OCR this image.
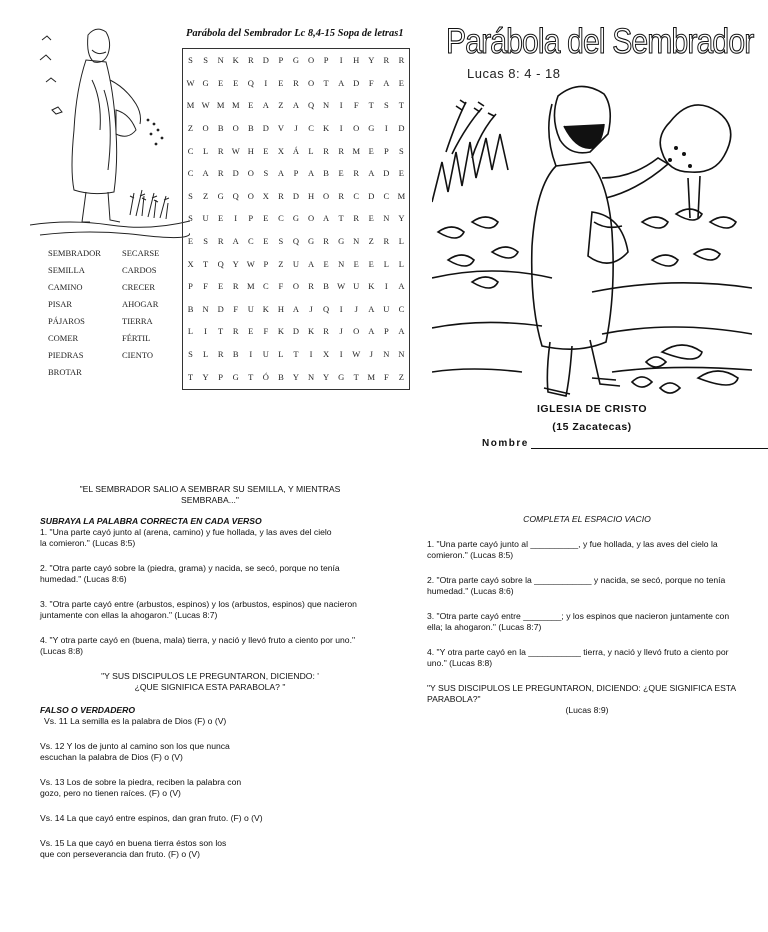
Parábola del Sembrador Lc 8,4-15 Sopa de letras1
S	S	N	K	R	D	P	G	O	P	I	H	Y	R	R
W G	E	E	Q	I	E	R	O	T	A	D	F	A	E
M W M M	E	A	Z	A	Q	N	I	F	T	S	T
Z	O	B	O	B	D	V	J	C	K	I	O	G	I	D
C	L	R W H	E	X	Á	L	R	R M	E	P	S
C	A	R	D	O	S	A	P	A	B	E	R	A	D	E
S	Z	G	Q	O	X	R	D	H	O	R	C	D	C M
S	U	E	I	P	E	C	G	O	A	T	R	E	N	Y
E	S	R	A	C	E	S	Q	G	R	G	N	Z	R	L
X	T	Q	Y W	P	Z	U	A	E	N	E	E	L	L
P	F	E	R M C	F	O	R	B W U	K	I	A
B	N	D	F	U	K	H	A	J	Q	I	J	A	U	C
L	I	T	R	E	F	K	D	K	R	J	O	A	P	A
S	L	R	B	I	U	L	T	I	X	I	W	J	N	N
T	Y	P	G	T	Ó	B	Y	N	Y	G	T	M	F	Z
SEMBRADOR
SEMILLA
CAMINO
PISAR
PÁJAROS
COMER
PIEDRAS
BROTAR
SECARSE
CARDOS
CRECER
AHOGAR
TIERRA
FÉRTIL
CIENTO
Parábola del Sembrador
Lucas 8: 4 - 18
IGLESIA DE CRISTO
(15 Zacatecas)
Nombre

"EL SEMBRADOR SALIO A SEMBRAR SU SEMILLA, Y MIENTRAS SEMBRABA..."

SUBRAYA LA PALABRA CORRECTA EN CADA VERSO

1. "Una parte cayó junto al (arena, camino) y fue hollada, y las aves del cielo la comieron." (Lucas 8:5)

2. "Otra parte cayó sobre la (piedra, grama) y nacida, se secó, porque no tenía humedad." (Lucas 8:6)

3. "Otra parte cayó entre (arbustos, espinos) y los (arbustos, espinos) que nacieron juntamente con ellas la ahogaron." (Lucas 8:7)

4. "Y otra parte cayó en (buena, mala) tierra, y nació y llevó fruto a ciento por uno." (Lucas 8:8)

"Y SUS DISCIPULOS LE PREGUNTARON, DICIENDO: ' ¿QUE SIGNIFICA ESTA PARABOLA? "

FALSO O VERDADERO

Vs. 11 La semilla es la palabra de Dios (F) o (V)

Vs. 12 Y los de junto al camino son los que nunca escuchan la palabra de Dios (F) o (V)

Vs. 13 Los de sobre la piedra, reciben la palabra con gozo, pero no tienen raíces. (F) o (V)

Vs. 14 La que cayó entre espinos, dan gran fruto. (F) o (V)

Vs. 15 La que cayó en buena tierra éstos son los que con perseverancia dan fruto. (F) o (V)

COMPLETA EL ESPACIO VACIO

1. "Una parte cayó junto al __________, y fue hollada, y las aves del cielo la comieron." (Lucas 8:5)

2. "Otra parte cayó sobre la ____________ y nacida, se secó, porque no tenía humedad." (Lucas 8:6)

3. "Otra parte cayó entre ________; y los espinos que nacieron juntamente con ella; la ahogaron." (Lucas 8:7)

4. "Y otra parte cayó en la ___________ tierra, y nació y llevó fruto a ciento por uno." (Lucas 8:8)

"Y SUS DISCIPULOS LE PREGUNTARON, DICIENDO: ¿QUE SIGNIFICA ESTA PARABOLA?"

(Lucas 8:9)
